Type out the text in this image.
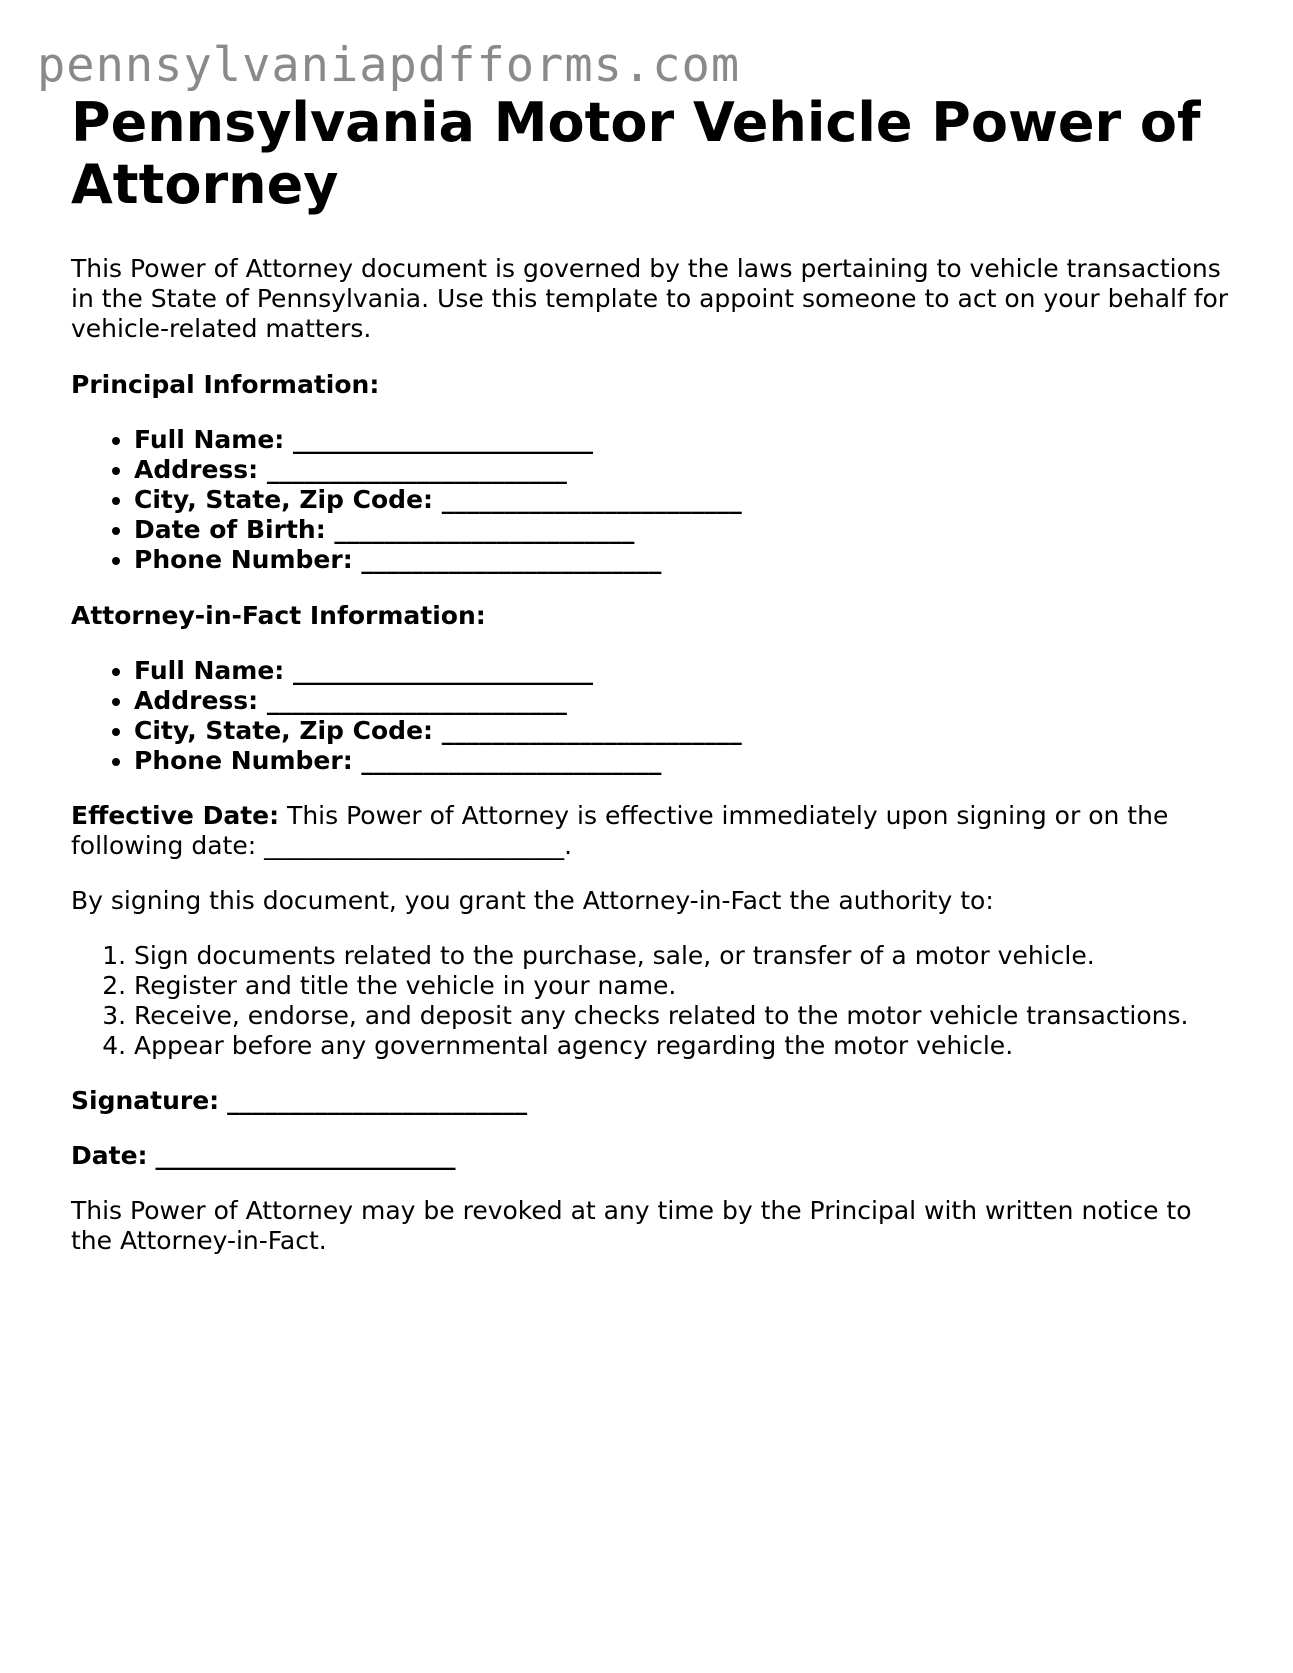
pennsylvaniapdfforms.com
Pennsylvania Motor Vehicle Power of Attorney

This Power of Attorney document is governed by the laws pertaining to vehicle transactions in the State of Pennsylvania. Use this template to appoint someone to act on your behalf for vehicle-related matters.

Principal Information:

• Full Name: ________________________
• Address: ________________________
• City, State, Zip Code: ________________________
• Date of Birth: ________________________
• Phone Number: ________________________

Attorney-in-Fact Information:

• Full Name: ________________________
• Address: ________________________
• City, State, Zip Code: ________________________
• Phone Number: ________________________

Effective Date: This Power of Attorney is effective immediately upon signing or on the following date: ________________________.

By signing this document, you grant the Attorney-in-Fact the authority to:

1. Sign documents related to the purchase, sale, or transfer of a motor vehicle.
2. Register and title the vehicle in your name.
3. Receive, endorse, and deposit any checks related to the motor vehicle transactions.
4. Appear before any governmental agency regarding the motor vehicle.

Signature: ________________________

Date: ________________________

This Power of Attorney may be revoked at any time by the Principal with written notice to the Attorney-in-Fact.
